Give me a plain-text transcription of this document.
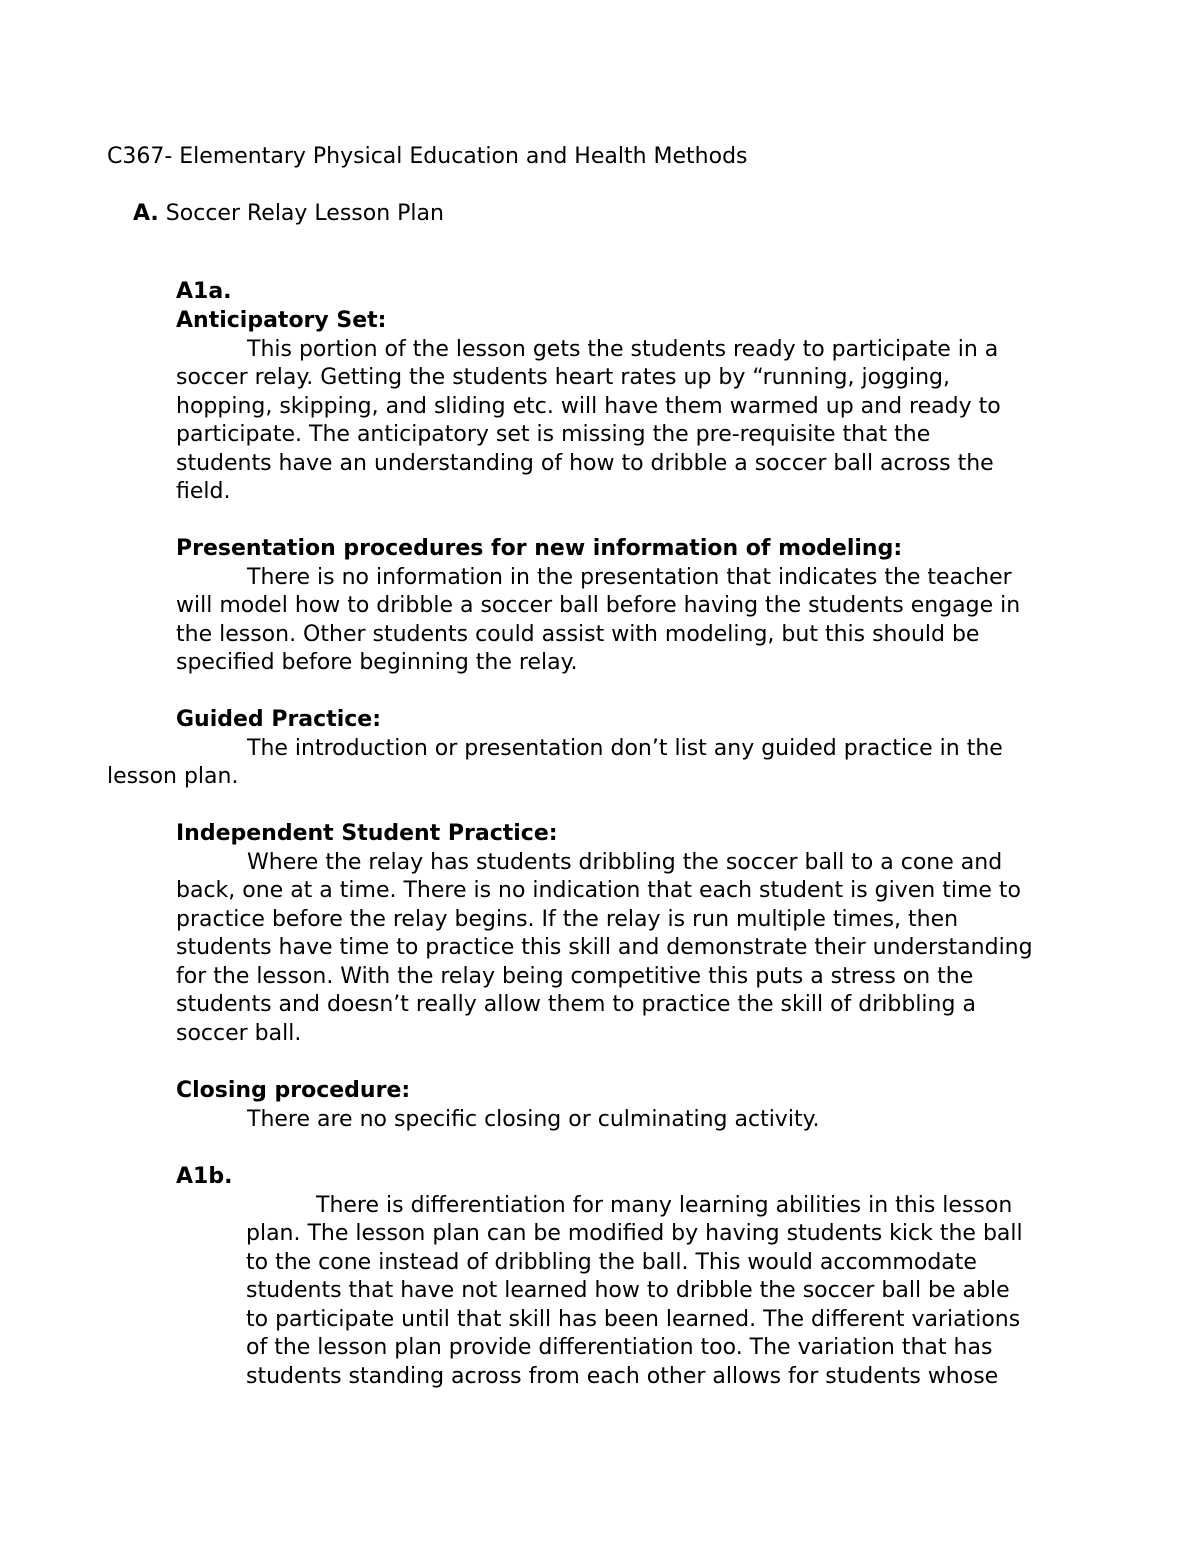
C367- Elementary Physical Education and Health Methods

A. Soccer Relay Lesson Plan

A1a.

Anticipatory Set:

This portion of the lesson gets the students ready to participate in a

soccer relay. Getting the students heart rates up by “running, jogging,

hopping, skipping, and sliding etc. will have them warmed up and ready to

participate. The anticipatory set is missing the pre-requisite that the

students have an understanding of how to dribble a soccer ball across the

field.

Presentation procedures for new information of modeling:

There is no information in the presentation that indicates the teacher

will model how to dribble a soccer ball before having the students engage in

the lesson. Other students could assist with modeling, but this should be

specified before beginning the relay.

Guided Practice:

The introduction or presentation don’t list any guided practice in the

lesson plan.

Independent Student Practice:

Where the relay has students dribbling the soccer ball to a cone and

back, one at a time. There is no indication that each student is given time to

practice before the relay begins. If the relay is run multiple times, then

students have time to practice this skill and demonstrate their understanding

for the lesson. With the relay being competitive this puts a stress on the

students and doesn’t really allow them to practice the skill of dribbling a

soccer ball.

Closing procedure:

There are no specific closing or culminating activity.

A1b.

There is differentiation for many learning abilities in this lesson

plan. The lesson plan can be modified by having students kick the ball

to the cone instead of dribbling the ball. This would accommodate

students that have not learned how to dribble the soccer ball be able

to participate until that skill has been learned. The different variations

of the lesson plan provide differentiation too. The variation that has

students standing across from each other allows for students whose
